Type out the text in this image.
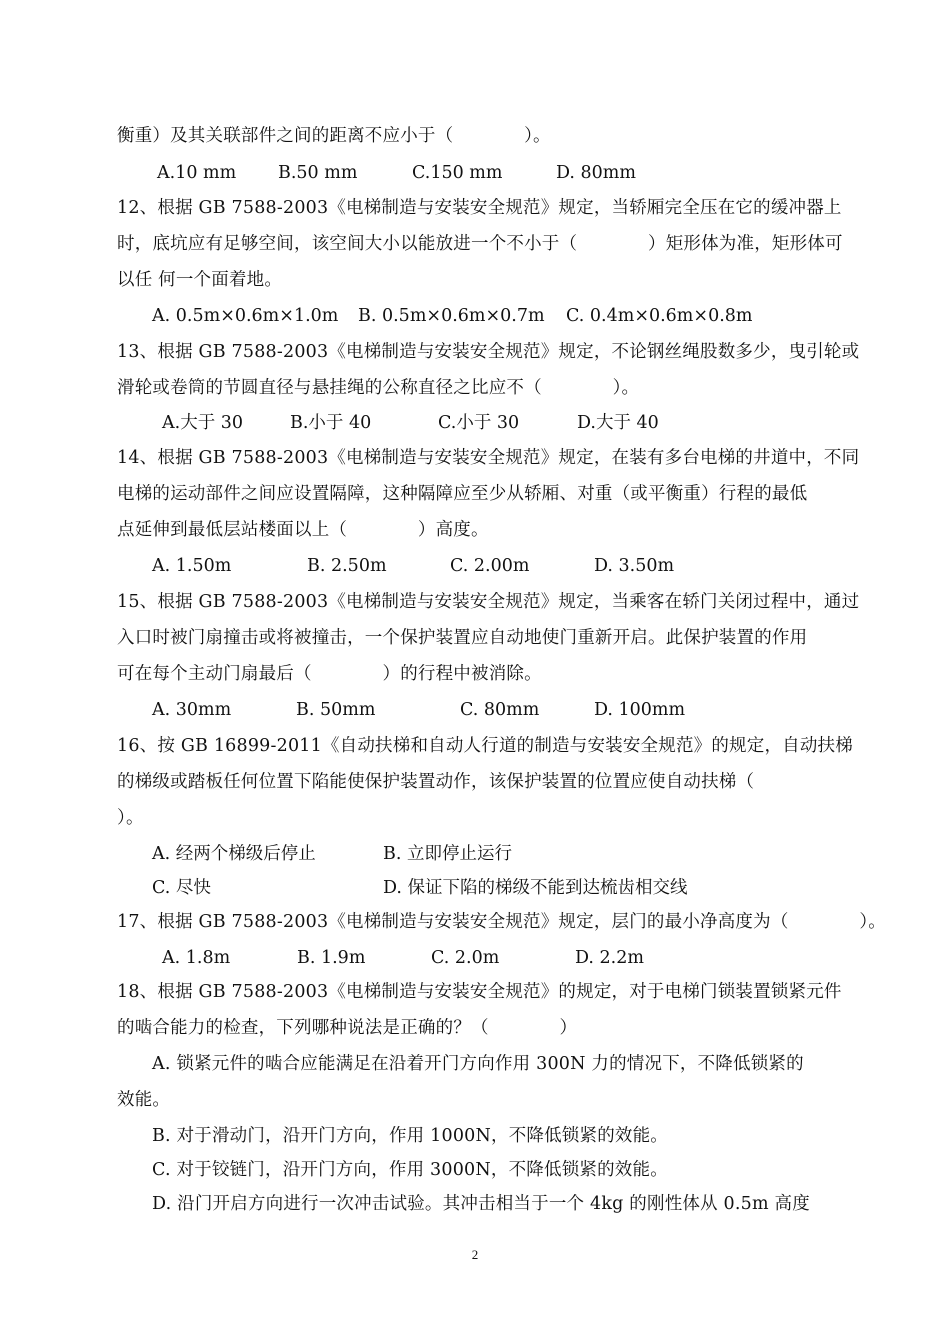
衡重）及其关联部件之间的距离不应小于（　　　　）。
A.10 mm B.50 mm	C.150 mm	D. 80mm
12、根据 GB 7588-2003《电梯制造与安装安全规范》规定，当轿厢完全压在它的缓冲器上
时，底坑应有足够空间，该空间大小以能放进一个不小于（　　　　）矩形体为准，矩形体可
以任 何一个面着地。
A. 0.5m×0.6m×1.0m B. 0.5m×0.6m×0.7m C. 0.4m×0.6m×0.8m
13、根据 GB 7588-2003《电梯制造与安装安全规范》规定，不论钢丝绳股数多少，曳引轮或
滑轮或卷筒的节圆直径与悬挂绳的公称直径之比应不（　　　　）。
A.大于 30	B.小于 40	C.小于 30	D.大于 40
14、根据 GB 7588-2003《电梯制造与安装安全规范》规定，在装有多台电梯的井道中，不同
电梯的运动部件之间应设置隔障，这种隔障应至少从轿厢、对重（或平衡重）行程的最低
点延伸到最低层站楼面以上（　　　　）高度。
A. 1.50m	B. 2.50m	C. 2.00m	D. 3.50m
15、根据 GB 7588-2003《电梯制造与安装安全规范》规定，当乘客在轿门关闭过程中，通过
入口时被门扇撞击或将被撞击，一个保护装置应自动地使门重新开启。此保护装置的作用
可在每个主动门扇最后（　　　　）的行程中被消除。
A. 30mm	B. 50mm	C. 80mm	D. 100mm
16、按 GB 16899-2011《自动扶梯和自动人行道的制造与安装安全规范》的规定，自动扶梯
的梯级或踏板任何位置下陷能使保护装置动作，该保护装置的位置应使自动扶梯（
）。
A. 经两个梯级后停止	B. 立即停止运行
C. 尽快	D. 保证下陷的梯级不能到达梳齿相交线
17、根据 GB 7588-2003《电梯制造与安装安全规范》规定，层门的最小净高度为（　　　　）。
A. 1.8m	B. 1.9m	C. 2.0m	D. 2.2m
18、根据 GB 7588-2003《电梯制造与安装安全规范》的规定，对于电梯门锁装置锁紧元件
的啮合能力的检查，下列哪种说法是正确的？（　　　　）
A. 锁紧元件的啮合应能满足在沿着开门方向作用 300N 力的情况下，不降低锁紧的
效能。
B. 对于滑动门，沿开门方向，作用 1000N，不降低锁紧的效能。
C. 对于铰链门，沿开门方向，作用 3000N，不降低锁紧的效能。
D. 沿门开启方向进行一次冲击试验。其冲击相当于一个 4kg 的刚性体从 0.5m 高度
2
